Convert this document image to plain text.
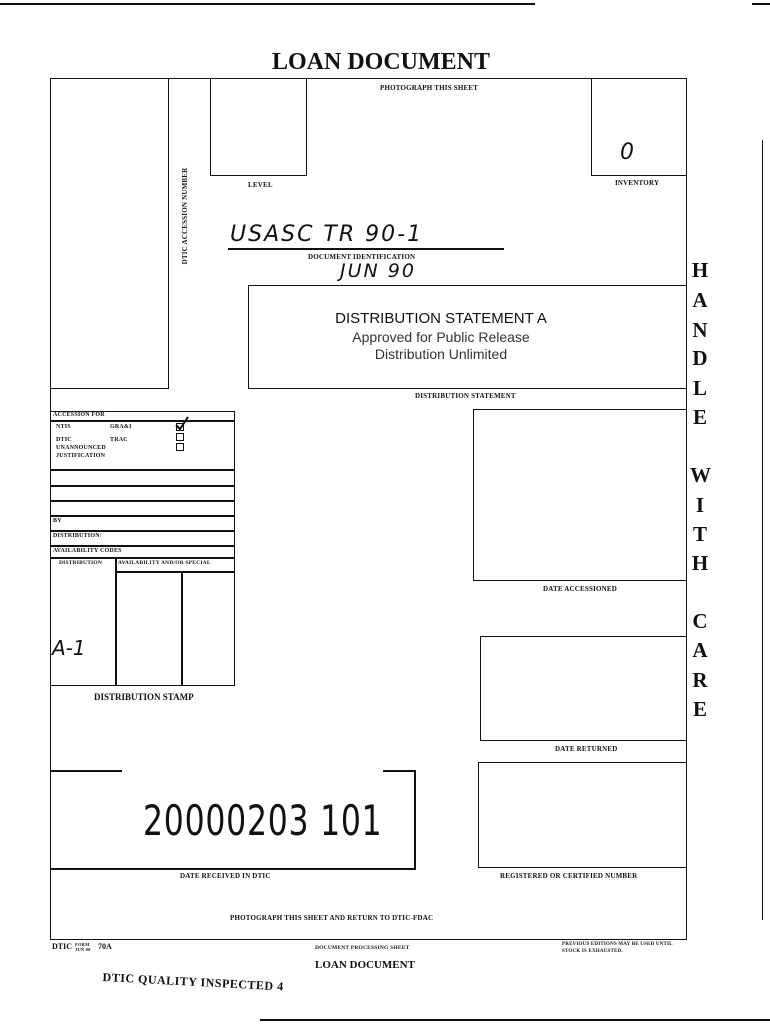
LOAN DOCUMENT
PHOTOGRAPH THIS SHEET
DTIC ACCESSION NUMBER	LEVEL
0
INVENTORY
USASC TR 90-1
DOCUMENT IDENTIFICATION
JUN 90
DISTRIBUTION STATEMENT A
Approved for Public Release
Distribution Unlimited
DISTRIBUTION STATEMENT
ACCESSION FOR
NTIS	GRA&I
DTIC	TRAC
UNANNOUNCED
JUSTIFICATION
BY
DISTRIBUTION/
AVAILABILITY CODES
DISTRIBUTION	AVAILABILITY AND/OR SPECIAL
A-1
DISTRIBUTION STAMP
DATE ACCESSIONED
DATE RETURNED
20000203 101
DATE RECEIVED IN DTIC	REGISTERED OR CERTIFIED NUMBER
PHOTOGRAPH THIS SHEET AND RETURN TO DTIC-FDAC
H
A
N
D
L
E
W
I
T
H
C
A
R
E
DTIC FORM JUN 90 70A	DOCUMENT PROCESSING SHEET
PREVIOUS EDITIONS MAY BE USED UNTIL
STOCK IS EXHAUSTED.
LOAN DOCUMENT
DTIC QUALITY INSPECTED 4
